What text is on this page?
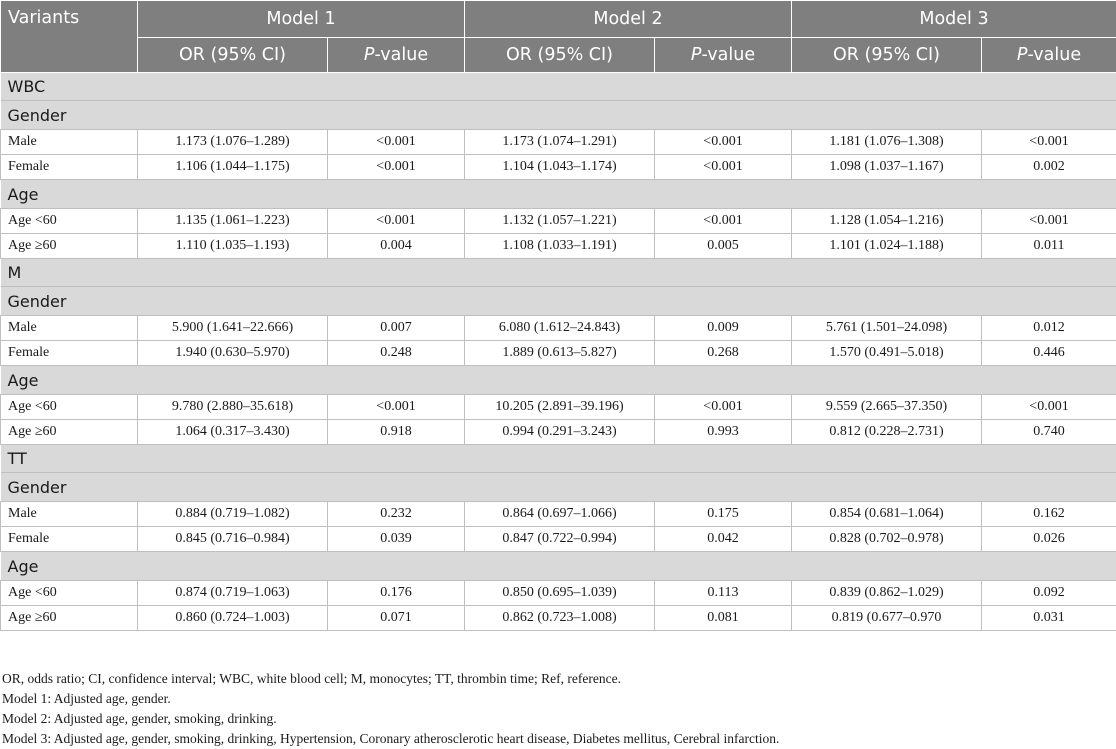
Variants	Model 1		Model 2		Model 3	
	OR (95% CI)	P-value	OR (95% CI)	P-value	OR (95% CI)	P-value
WBC						
Gender						
Male	1.173 (1.076–1.289)	<0.001	1.173 (1.074–1.291)	<0.001	1.181 (1.076–1.308)	<0.001
Female	1.106 (1.044–1.175)	<0.001	1.104 (1.043–1.174)	<0.001	1.098 (1.037–1.167)	0.002
Age						
Age <60	1.135 (1.061–1.223)	<0.001	1.132 (1.057–1.221)	<0.001	1.128 (1.054–1.216)	<0.001
Age ≥60	1.110 (1.035–1.193)	0.004	1.108 (1.033–1.191)	0.005	1.101 (1.024–1.188)	0.011
M						
Gender						
Male	5.900 (1.641–22.666)	0.007	6.080 (1.612–24.843)	0.009	5.761 (1.501–24.098)	0.012
Female	1.940 (0.630–5.970)	0.248	1.889 (0.613–5.827)	0.268	1.570 (0.491–5.018)	0.446
Age						
Age <60	9.780 (2.880–35.618)	<0.001	10.205 (2.891–39.196)	<0.001	9.559 (2.665–37.350)	<0.001
Age ≥60	1.064 (0.317–3.430)	0.918	0.994 (0.291–3.243)	0.993	0.812 (0.228–2.731)	0.740
TT						
Gender						
Male	0.884 (0.719–1.082)	0.232	0.864 (0.697–1.066)	0.175	0.854 (0.681–1.064)	0.162
Female	0.845 (0.716–0.984)	0.039	0.847 (0.722–0.994)	0.042	0.828 (0.702–0.978)	0.026
Age						
Age <60	0.874 (0.719–1.063)	0.176	0.850 (0.695–1.039)	0.113	0.839 (0.862–1.029)	0.092
Age ≥60	0.860 (0.724–1.003)	0.071	0.862 (0.723–1.008)	0.081	0.819 (0.677–0.970	0.031
OR, odds ratio; CI, confidence interval; WBC, white blood cell; M, monocytes; TT, thrombin time; Ref, reference.
Model 1: Adjusted age, gender.
Model 2: Adjusted age, gender, smoking, drinking.
Model 3: Adjusted age, gender, smoking, drinking, Hypertension, Coronary atherosclerotic heart disease, Diabetes mellitus, Cerebral infarction.
